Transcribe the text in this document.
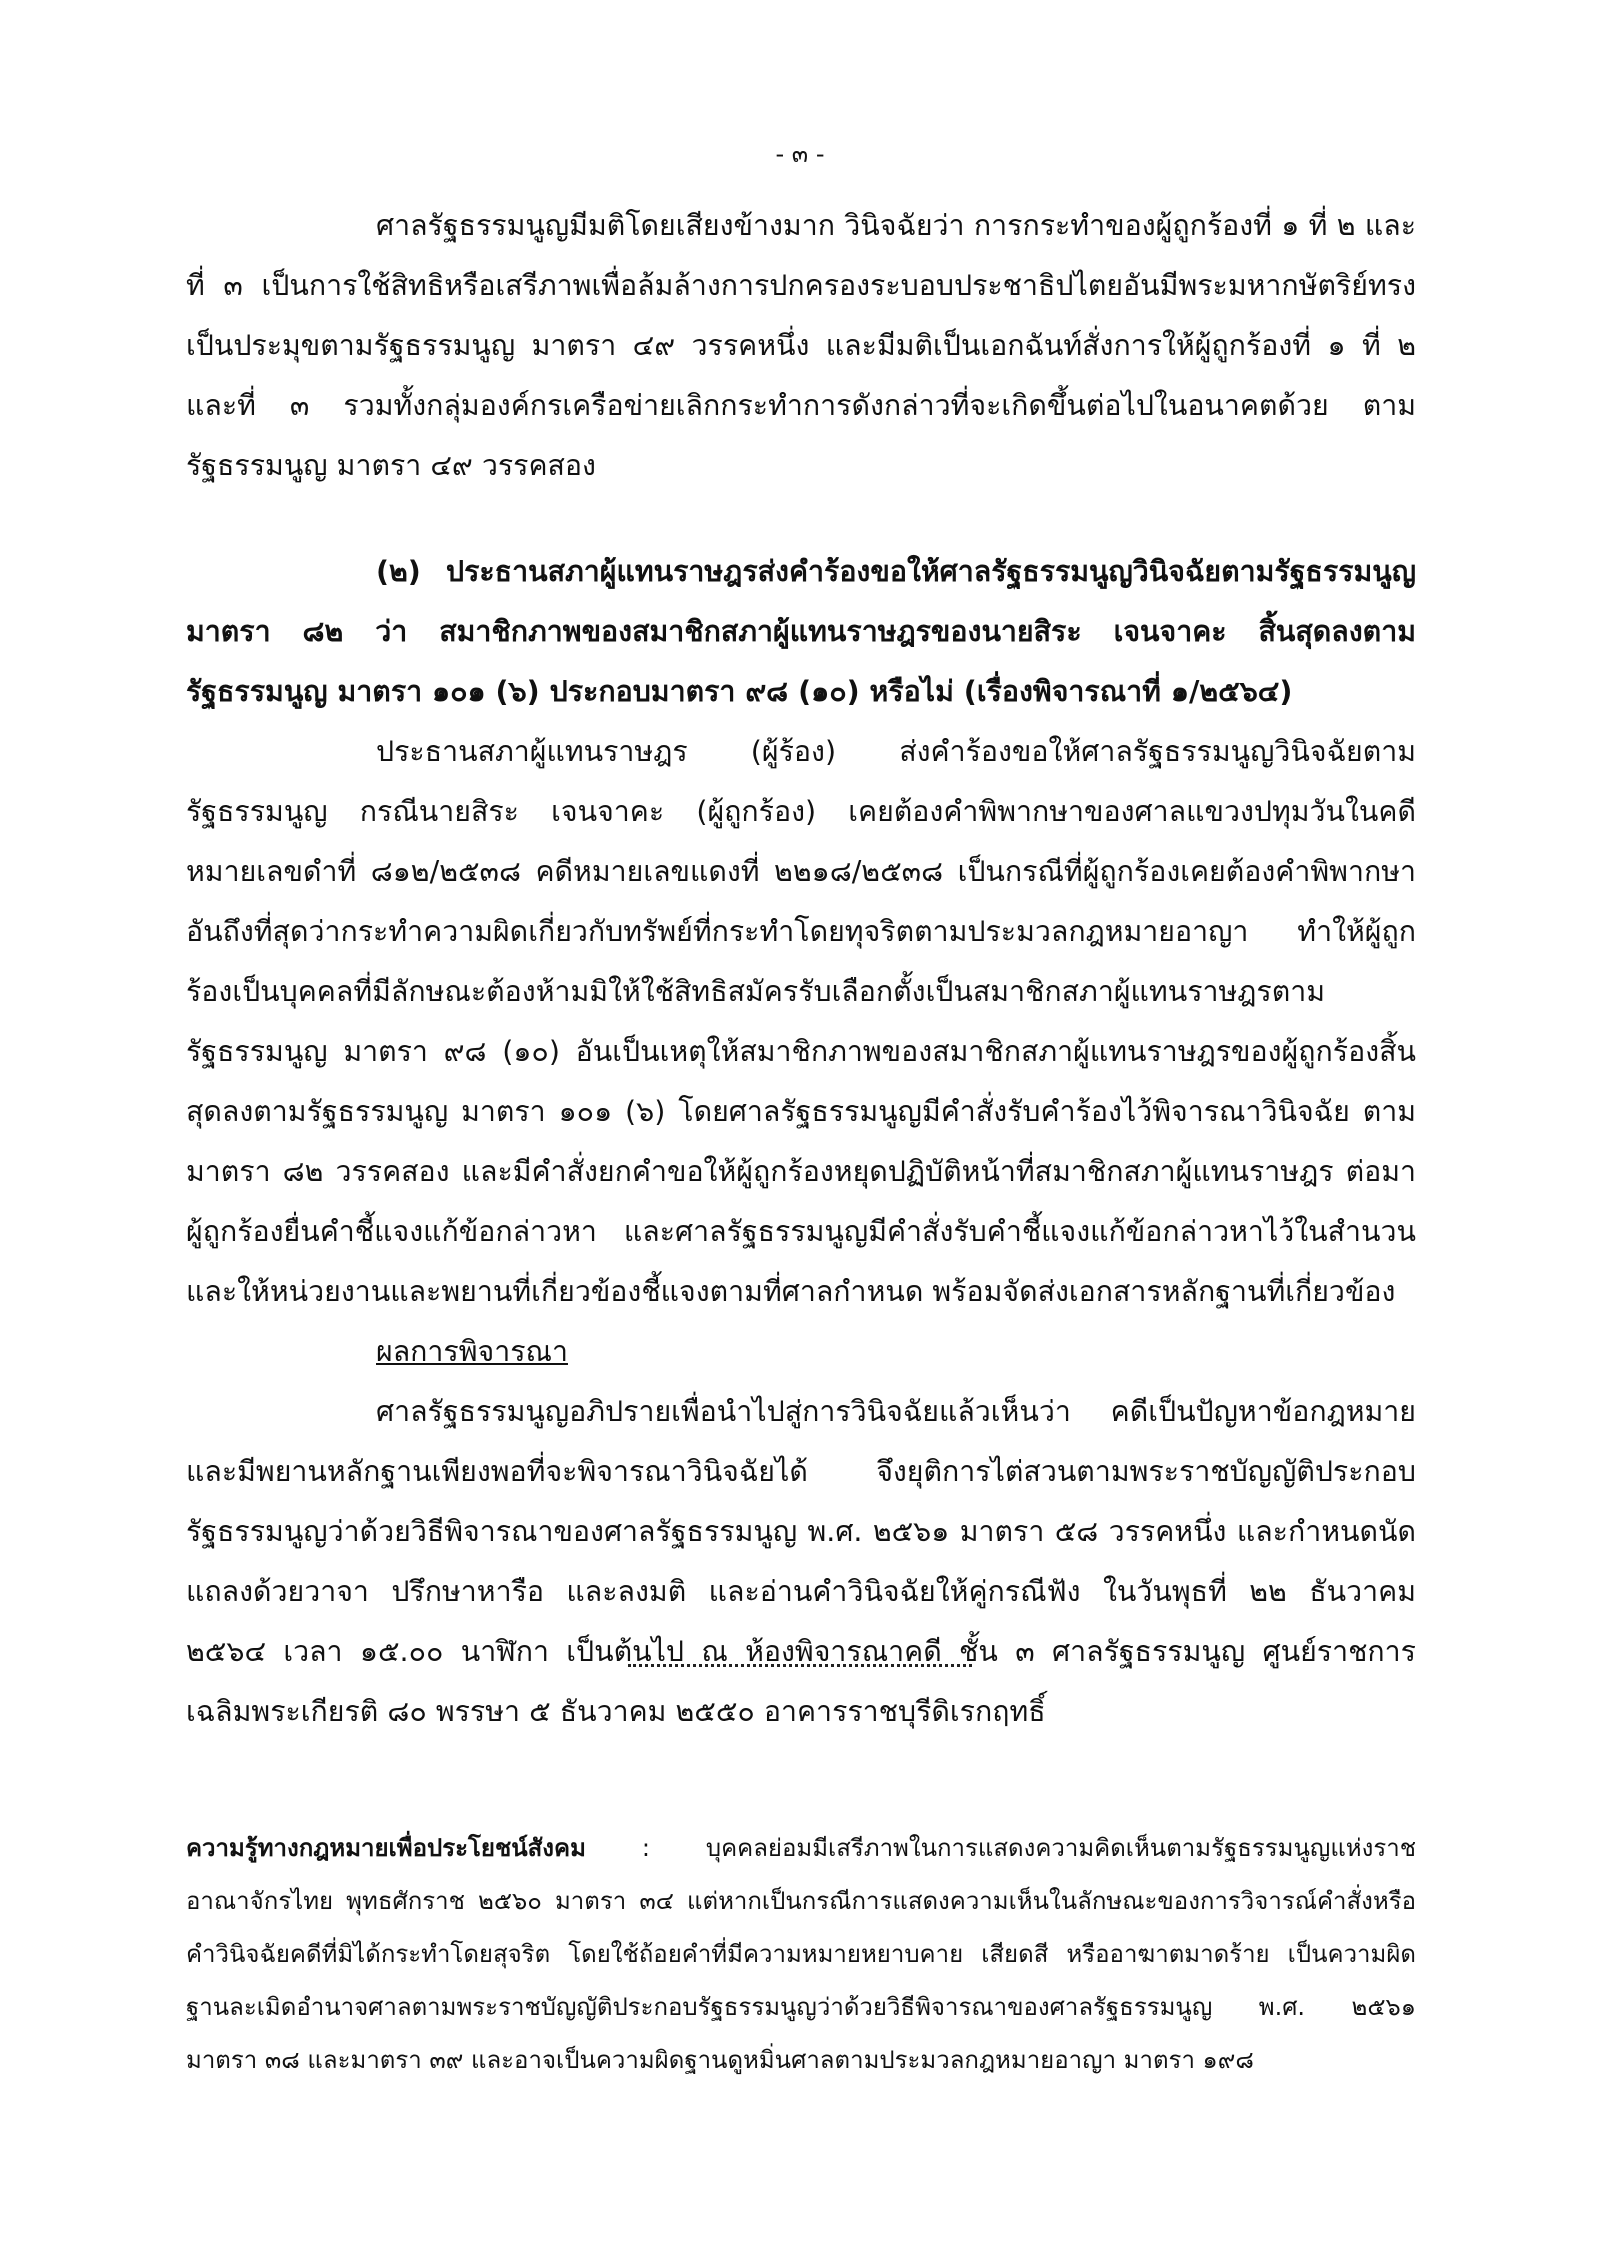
- ๓ -

ศาลรัฐธรรมนูญมีมติโดยเสียงข้างมาก วินิจฉัยว่า การกระทำของผู้ถูกร้องที่ ๑ ที่ ๒ และที่ ๓ เป็นการใช้สิทธิหรือเสรีภาพเพื่อล้มล้างการปกครองระบอบประชาธิปไตยอันมีพระมหากษัตริย์ทรงเป็นประมุขตามรัฐธรรมนูญ มาตรา ๔๙ วรรคหนึ่ง และมีมติเป็นเอกฉันท์สั่งการให้ผู้ถูกร้องที่ ๑ ที่ ๒ และที่ ๓ รวมทั้งกลุ่มองค์กรเครือข่ายเลิกกระทำการดังกล่าวที่จะเกิดขึ้นต่อไปในอนาคตด้วย ตามรัฐธรรมนูญ มาตรา ๔๙ วรรคสอง

(๒) ประธานสภาผู้แทนราษฎรส่งคำร้องขอให้ศาลรัฐธรรมนูญวินิจฉัยตามรัฐธรรมนูญ มาตรา ๘๒ ว่า สมาชิกภาพของสมาชิกสภาผู้แทนราษฎรของนายสิระ เจนจาคะ สิ้นสุดลงตามรัฐธรรมนูญ มาตรา ๑๐๑ (๖) ประกอบมาตรา ๙๘ (๑๐) หรือไม่ (เรื่องพิจารณาที่ ๑/๒๕๖๔)

ประธานสภาผู้แทนราษฎร (ผู้ร้อง) ส่งคำร้องขอให้ศาลรัฐธรรมนูญวินิจฉัยตามรัฐธรรมนูญ กรณีนายสิระ เจนจาคะ (ผู้ถูกร้อง) เคยต้องคำพิพากษาของศาลแขวงปทุมวันในคดีหมายเลขดำที่ ๘๑๒/๒๕๓๘ คดีหมายเลขแดงที่ ๒๒๑๘/๒๕๓๘ เป็นกรณีที่ผู้ถูกร้องเคยต้องคำพิพากษาอันถึงที่สุดว่ากระทำความผิดเกี่ยวกับทรัพย์ที่กระทำโดยทุจริตตามประมวลกฎหมายอาญา ทำให้ผู้ถูกร้องเป็นบุคคลที่มีลักษณะต้องห้ามมิให้ใช้สิทธิสมัครรับเลือกตั้งเป็นสมาชิกสภาผู้แทนราษฎรตามรัฐธรรมนูญ มาตรา ๙๘ (๑๐) อันเป็นเหตุให้สมาชิกภาพของสมาชิกสภาผู้แทนราษฎรของผู้ถูกร้องสิ้นสุดลงตามรัฐธรรมนูญ มาตรา ๑๐๑ (๖) โดยศาลรัฐธรรมนูญมีคำสั่งรับคำร้องไว้พิจารณาวินิจฉัย ตามมาตรา ๘๒ วรรคสอง และมีคำสั่งยกคำขอให้ผู้ถูกร้องหยุดปฏิบัติหน้าที่สมาชิกสภาผู้แทนราษฎร ต่อมาผู้ถูกร้องยื่นคำชี้แจงแก้ข้อกล่าวหา และศาลรัฐธรรมนูญมีคำสั่งรับคำชี้แจงแก้ข้อกล่าวหาไว้ในสำนวน และให้หน่วยงานและพยานที่เกี่ยวข้องชี้แจงตามที่ศาลกำหนด พร้อมจัดส่งเอกสารหลักฐานที่เกี่ยวข้อง

ผลการพิจารณา

ศาลรัฐธรรมนูญอภิปรายเพื่อนำไปสู่การวินิจฉัยแล้วเห็นว่า คดีเป็นปัญหาข้อกฎหมายและมีพยานหลักฐานเพียงพอที่จะพิจารณาวินิจฉัยได้ จึงยุติการไต่สวนตามพระราชบัญญัติประกอบรัฐธรรมนูญว่าด้วยวิธีพิจารณาของศาลรัฐธรรมนูญ พ.ศ. ๒๕๖๑ มาตรา ๕๘ วรรคหนึ่ง และกำหนดนัดแถลงด้วยวาจา ปรึกษาหารือ และลงมติ และอ่านคำวินิจฉัยให้คู่กรณีฟัง ในวันพุธที่ ๒๒ ธันวาคม ๒๕๖๔ เวลา ๑๕.๐๐ นาฬิกา เป็นต้นไป ณ ห้องพิจารณาคดี ชั้น ๓ ศาลรัฐธรรมนูญ ศูนย์ราชการเฉลิมพระเกียรติ ๘๐ พรรษา ๕ ธันวาคม ๒๕๕๐ อาคารราชบุรีดิเรกฤทธิ์

ความรู้ทางกฎหมายเพื่อประโยชน์สังคม : บุคคลย่อมมีเสรีภาพในการแสดงความคิดเห็นตามรัฐธรรมนูญแห่งราชอาณาจักรไทย พุทธศักราช ๒๕๖๐ มาตรา ๓๔ แต่หากเป็นกรณีการแสดงความเห็นในลักษณะของการวิจารณ์คำสั่งหรือคำวินิจฉัยคดีที่มิได้กระทำโดยสุจริต โดยใช้ถ้อยคำที่มีความหมายหยาบคาย เสียดสี หรืออาฆาตมาดร้าย เป็นความผิดฐานละเมิดอำนาจศาลตามพระราชบัญญัติประกอบรัฐธรรมนูญว่าด้วยวิธีพิจารณาของศาลรัฐธรรมนูญ พ.ศ. ๒๕๖๑ มาตรา ๓๘ และมาตรา ๓๙ และอาจเป็นความผิดฐานดูหมิ่นศาลตามประมวลกฎหมายอาญา มาตรา ๑๙๘
